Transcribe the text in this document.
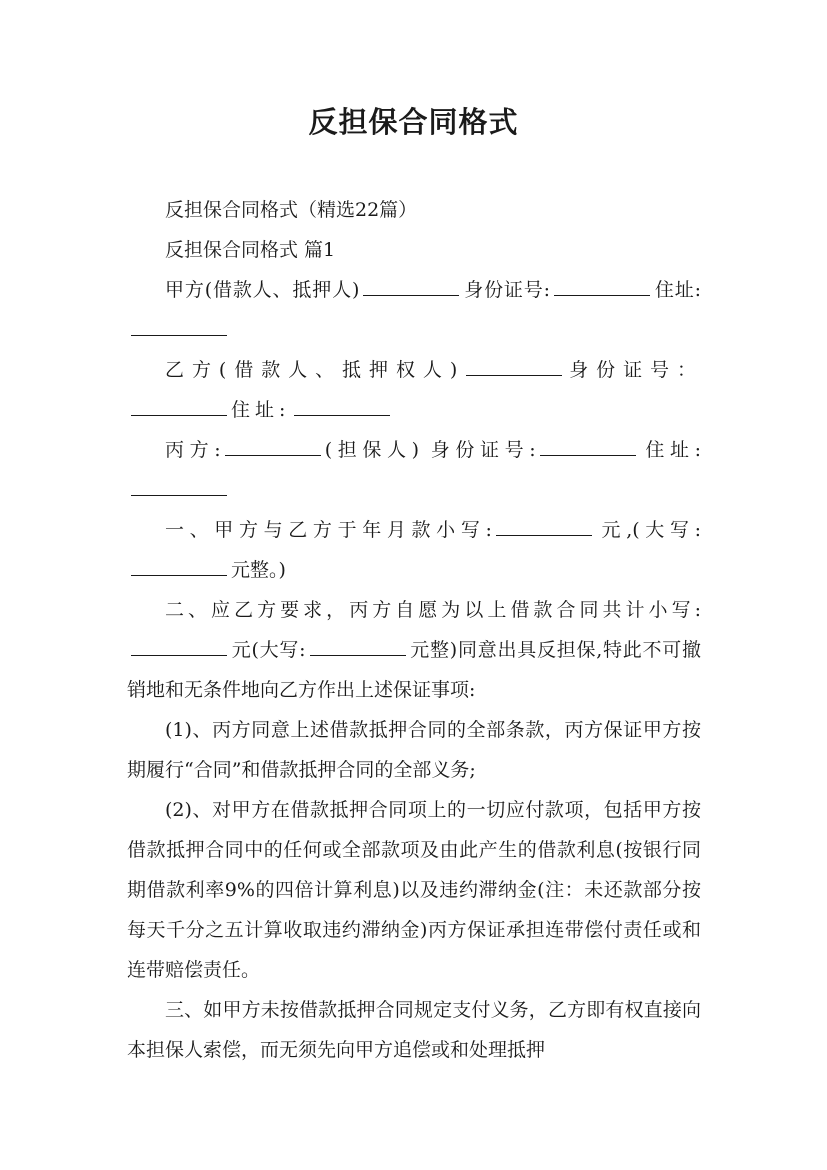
反担保合同格式

反担保合同格式（精选22篇）

反担保合同格式 篇1

甲方(借款人、抵押人)	身份证号:	住址:

乙方(借款人、抵押权人)	身份证号：住址:

丙方:	(担保人) 身份证号:	住址:

一、甲方与乙方于年月款小写:	元,(大写:元整。)

二、应乙方要求，丙方自愿为以上借款合同共计小写:元(大写:	元整)同意出具反担保,特此不可撤销地和无条件地向乙方作出上述保证事项:

(1)、丙方同意上述借款抵押合同的全部条款，丙方保证甲方按期履行“合同”和借款抵押合同的全部义务;

(2)、对甲方在借款抵押合同项上的一切应付款项，包括甲方按借款抵押合同中的任何或全部款项及由此产生的借款利息(按银行同期借款利率9%的四倍计算利息)以及违约滞纳金(注：未还款部分按每天千分之五计算收取违约滞纳金)丙方保证承担连带偿付责任或和连带赔偿责任。

三、如甲方未按借款抵押合同规定支付义务，乙方即有权直接向本担保人索偿，而无须先向甲方追偿或和处理抵押
